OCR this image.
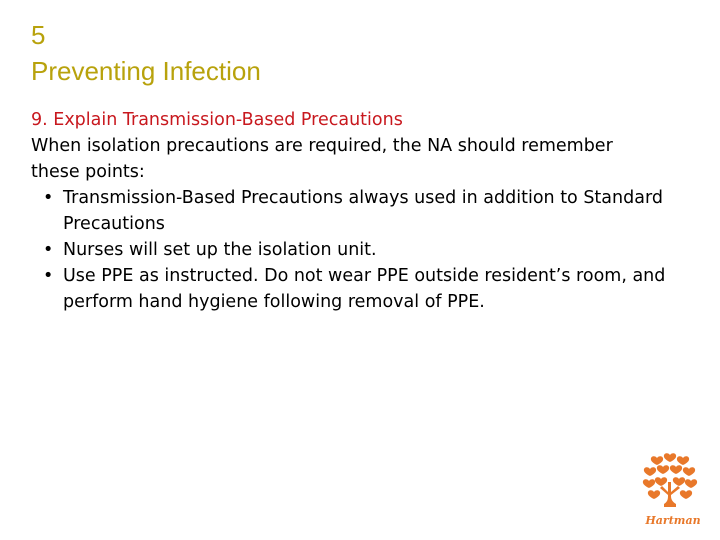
5
Preventing Infection
9. Explain Transmission-Based Precautions
When isolation precautions are required, the NA should remember these points:
• Transmission-Based Precautions always used in addition to Standard Precautions
• Nurses will set up the isolation unit.
• Use PPE as instructed. Do not wear PPE outside resident’s room, and perform hand hygiene following removal of PPE.
Hartman
